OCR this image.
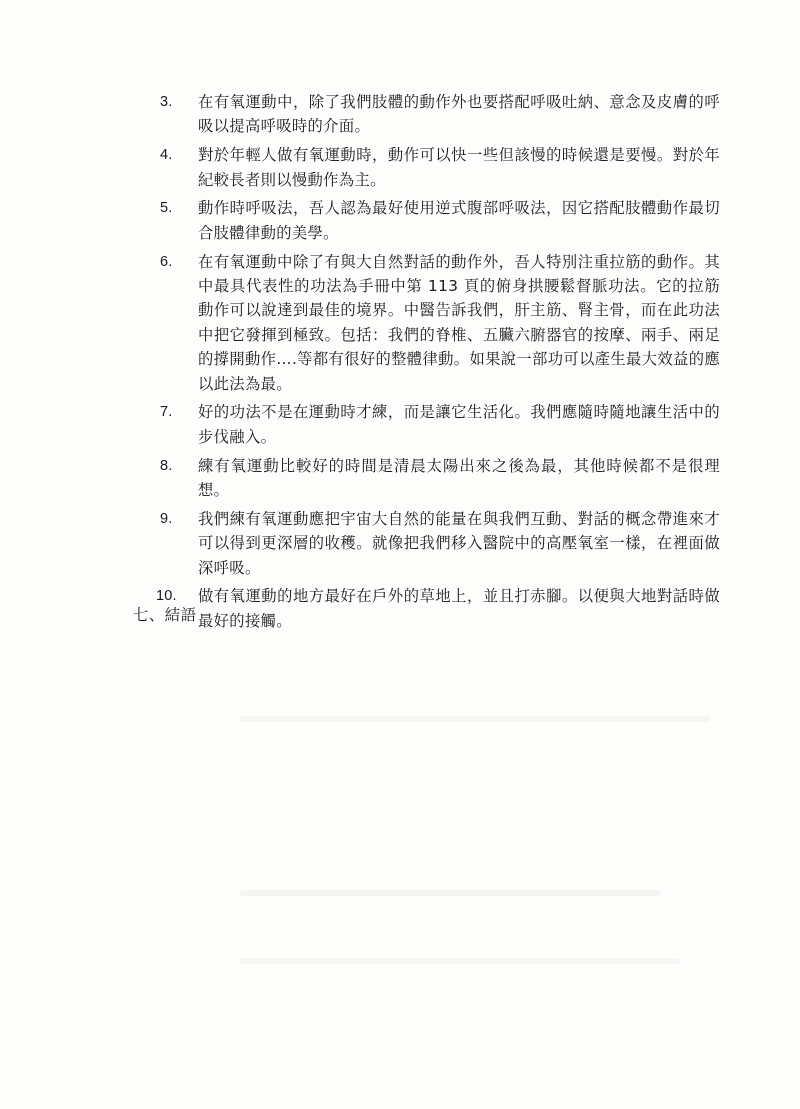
3.	在有氧運動中，除了我們肢體的動作外也要搭配呼吸吐納、意念及皮膚的呼吸以提高呼吸時的介面。
4.	對於年輕人做有氧運動時，動作可以快一些但該慢的時候還是要慢。對於年紀較長者則以慢動作為主。
5.	動作時呼吸法，吾人認為最好使用逆式腹部呼吸法，因它搭配肢體動作最切合肢體律動的美學。
6.	在有氧運動中除了有與大自然對話的動作外，吾人特別注重拉筋的動作。其中最具代表性的功法為手冊中第 113 頁的俯身拱腰鬆督脈功法。它的拉筋動作可以說達到最佳的境界。中醫告訴我們，肝主筋、腎主骨，而在此功法中把它發揮到極致。包括：我們的脊椎、五臟六腑器官的按摩、兩手、兩足的撐開動作….等都有很好的整體律動。如果說一部功可以產生最大效益的應以此法為最。
7.	好的功法不是在運動時才練，而是讓它生活化。我們應隨時隨地讓生活中的步伐融入。
8.	練有氧運動比較好的時間是清晨太陽出來之後為最，其他時候都不是很理想。
9.	我們練有氧運動應把宇宙大自然的能量在與我們互動、對話的概念帶進來才可以得到更深層的收穫。就像把我們移入醫院中的高壓氧室一樣，在裡面做深呼吸。
10.	做有氧運動的地方最好在戶外的草地上，並且打赤腳。以便與大地對話時做最好的接觸。
七、結語
